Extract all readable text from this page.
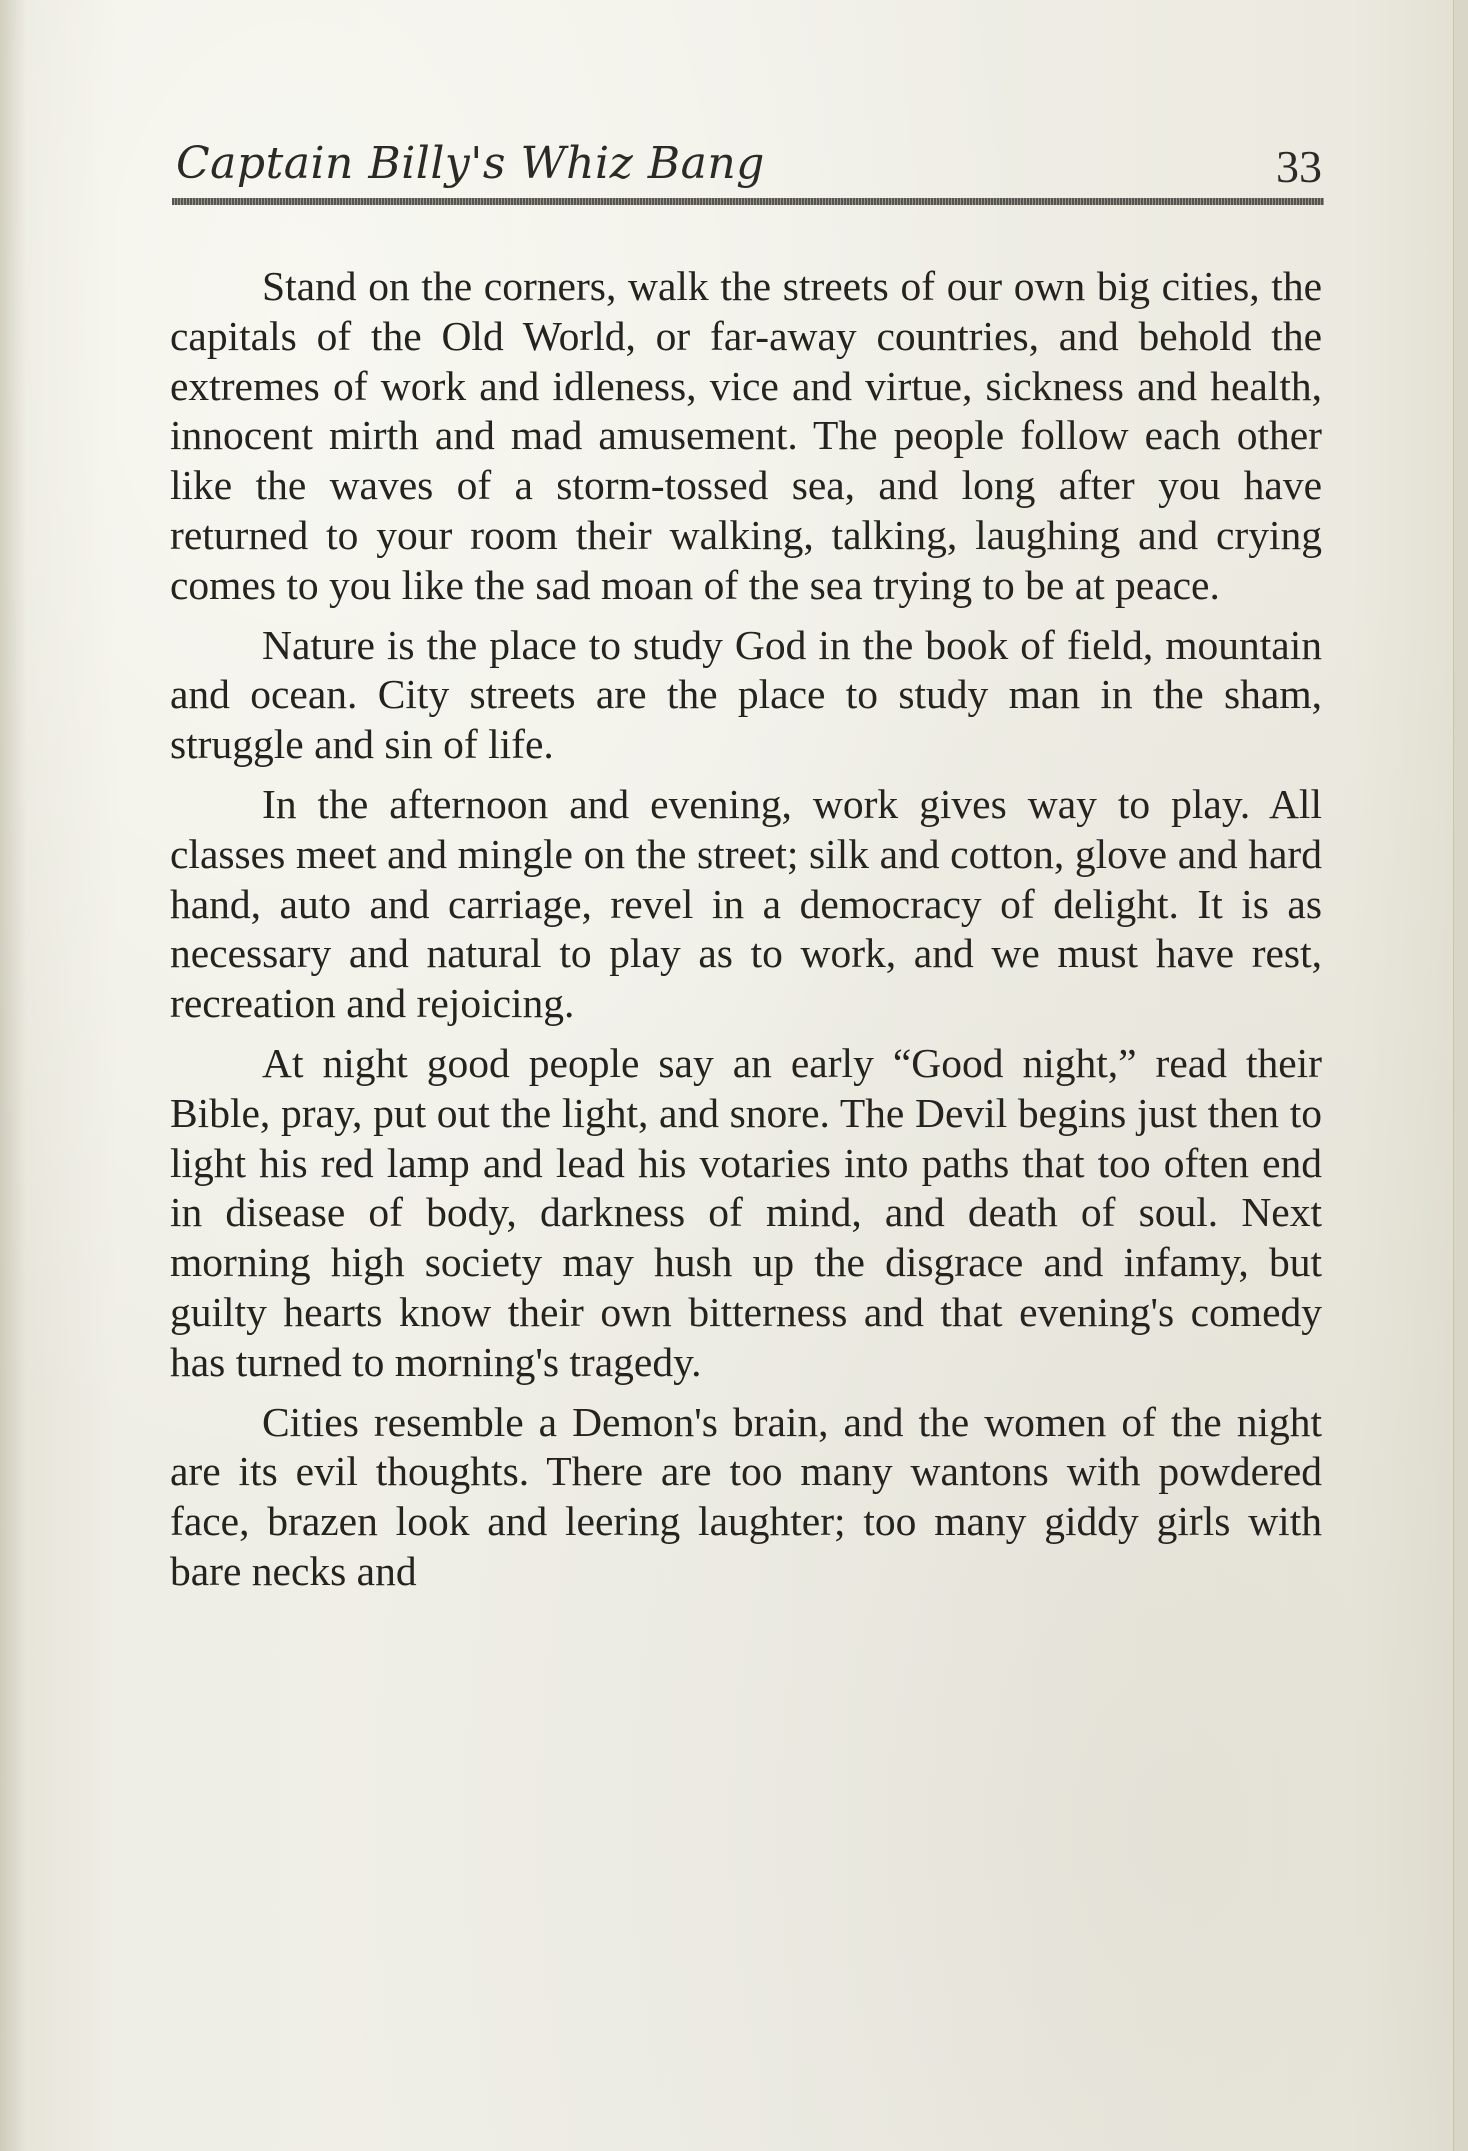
Captain Billy's Whiz Bang	33

Stand on the corners, walk the streets of our own big cities, the capitals of the Old World, or far-away countries, and behold the extremes of work and idleness, vice and virtue, sickness and health, innocent mirth and mad amusement. The people follow each other like the waves of a storm-tossed sea, and long after you have returned to your room their walking, talking, laughing and crying comes to you like the sad moan of the sea trying to be at peace.

Nature is the place to study God in the book of field, mountain and ocean. City streets are the place to study man in the sham, struggle and sin of life.

In the afternoon and evening, work gives way to play. All classes meet and mingle on the street; silk and cotton, glove and hard hand, auto and carriage, revel in a democracy of delight. It is as necessary and natural to play as to work, and we must have rest, recreation and rejoicing.

At night good people say an early “Good night,” read their Bible, pray, put out the light, and snore. The Devil begins just then to light his red lamp and lead his votaries into paths that too often end in disease of body, darkness of mind, and death of soul. Next morning high society may hush up the disgrace and infamy, but guilty hearts know their own bitterness and that evening's comedy has turned to morning's tragedy.

Cities resemble a Demon's brain, and the women of the night are its evil thoughts. There are too many wantons with powdered face, brazen look and leering laughter; too many giddy girls with bare necks and
